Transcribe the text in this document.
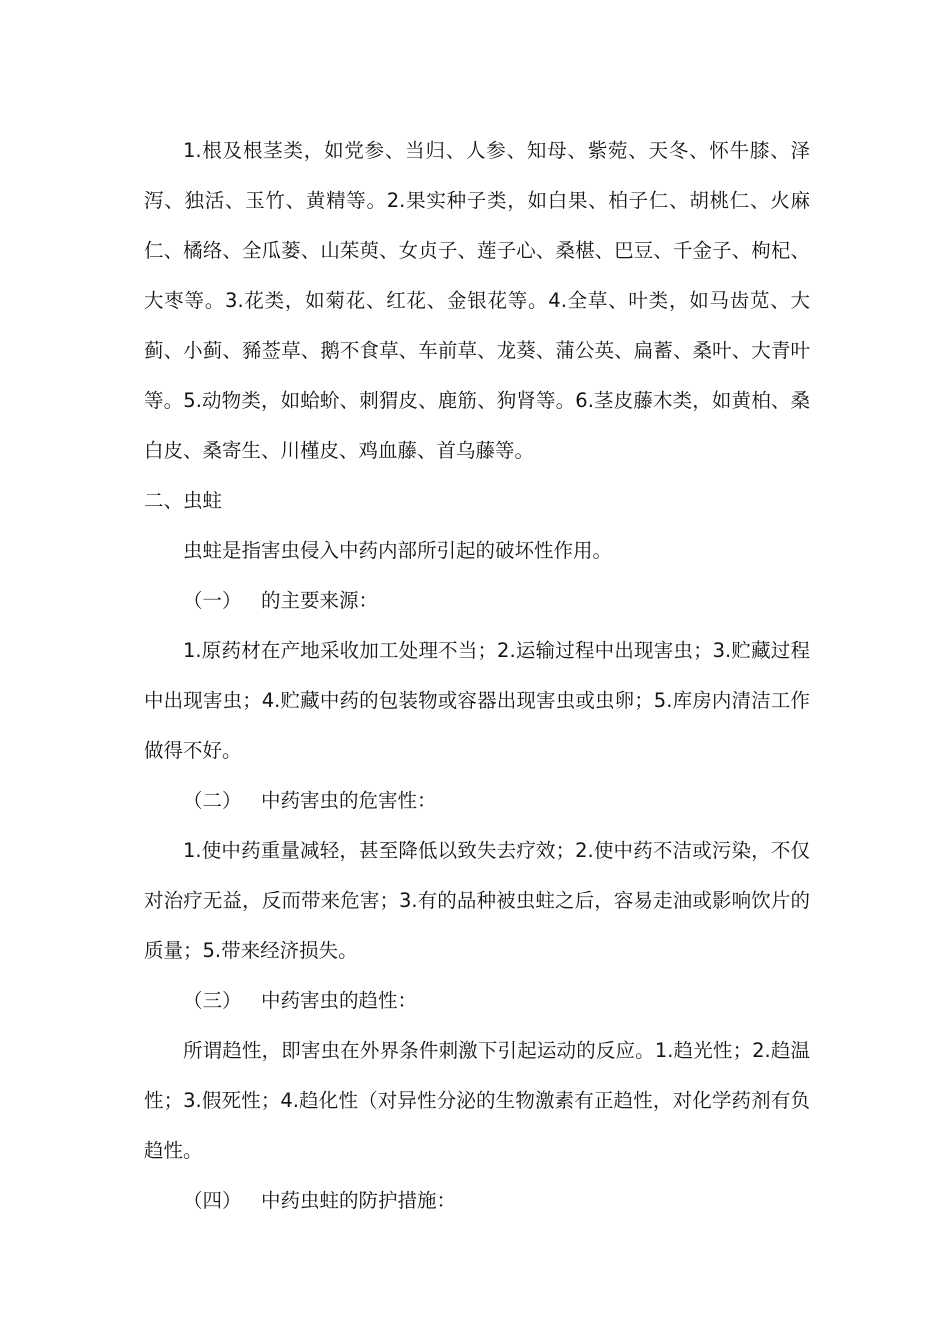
1.根及根茎类，如党参、当归、人参、知母、紫菀、天冬、怀牛膝、泽泻、独活、玉竹、黄精等。2.果实种子类，如白果、柏子仁、胡桃仁、火麻仁、橘络、全瓜蒌、山茱萸、女贞子、莲子心、桑椹、巴豆、千金子、枸杞、大枣等。3.花类，如菊花、红花、金银花等。4.全草、叶类，如马齿苋、大蓟、小蓟、豨莶草、鹅不食草、车前草、龙葵、蒲公英、扁蓄、桑叶、大青叶等。5.动物类，如蛤蚧、刺猬皮、鹿筋、狗肾等。6.茎皮藤木类，如黄柏、桑白皮、桑寄生、川槿皮、鸡血藤、首乌藤等。

二、虫蛀

虫蛀是指害虫侵入中药内部所引起的破坏性作用。

（一） 的主要来源：

1.原药材在产地采收加工处理不当；2.运输过程中出现害虫；3.贮藏过程中出现害虫；4.贮藏中药的包装物或容器出现害虫或虫卵；5.库房内清洁工作做得不好。

（二） 中药害虫的危害性：

1.使中药重量减轻，甚至降低以致失去疗效；2.使中药不洁或污染，不仅对治疗无益，反而带来危害；3.有的品种被虫蛀之后，容易走油或影响饮片的质量；5.带来经济损失。

（三） 中药害虫的趋性：

所谓趋性，即害虫在外界条件刺激下引起运动的反应。1.趋光性；2.趋温性；3.假死性；4.趋化性（对异性分泌的生物激素有正趋性，对化学药剂有负趋性。

（四） 中药虫蛀的防护措施：
